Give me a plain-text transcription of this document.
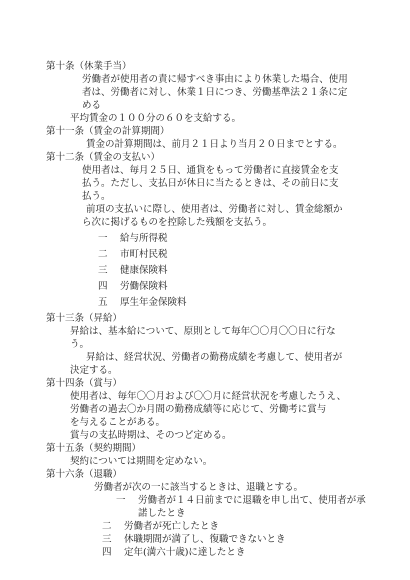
第十条（休業手当）
労働者が使用者の責に帰すべき事由により休業した場合、使用
者は、労働者に対し、休業１日につき、労働基準法２１条に定
める
平均賃金の１００分の６０を支給する。
第十一条（賃金の計算期間）
賃金の計算期間は、前月２１日より当月２０日までとする。
第十二条（賃金の支払い）
使用者は、毎月２５日、通貨をもって労働者に直接賃金を支
払う。ただし、支払日が休日に当たるときは、その前日に支
払う。
前項の支払いに際し、使用者は、労働者に対し、賃金総額か
ら次に掲げるものを控除した残額を支払う。
一 給与所得税
二 市町村民税
三 健康保険料
四 労働保険料
五 厚生年金保険料
第十三条（昇給）
昇給は、基本給について、原則として毎年〇〇月〇〇日に行な
う。
昇給は、経営状況、労働者の勤務成績を考慮して、使用者が
決定する。
第十四条（賞与）
使用者は、毎年〇〇月および〇〇月に経営状況を考慮したうえ、
労働者の過去〇か月間の勤務成績等に応じて、労働考に賞与
を与えることがある。
賞与の支払時期は、そのつど定める。
第十五条（契約期間）
契約については期間を定めない。
第十六条（退職）
労働者が次の一に該当するときは、退職とする。
一 労働者が１４日前までに退職を申し出て、使用者が承
諾したとき
二 労働者が死亡したとき
三 休職期間が満了し、復職できないとき
四 定年(満六十歳)に達したとき
